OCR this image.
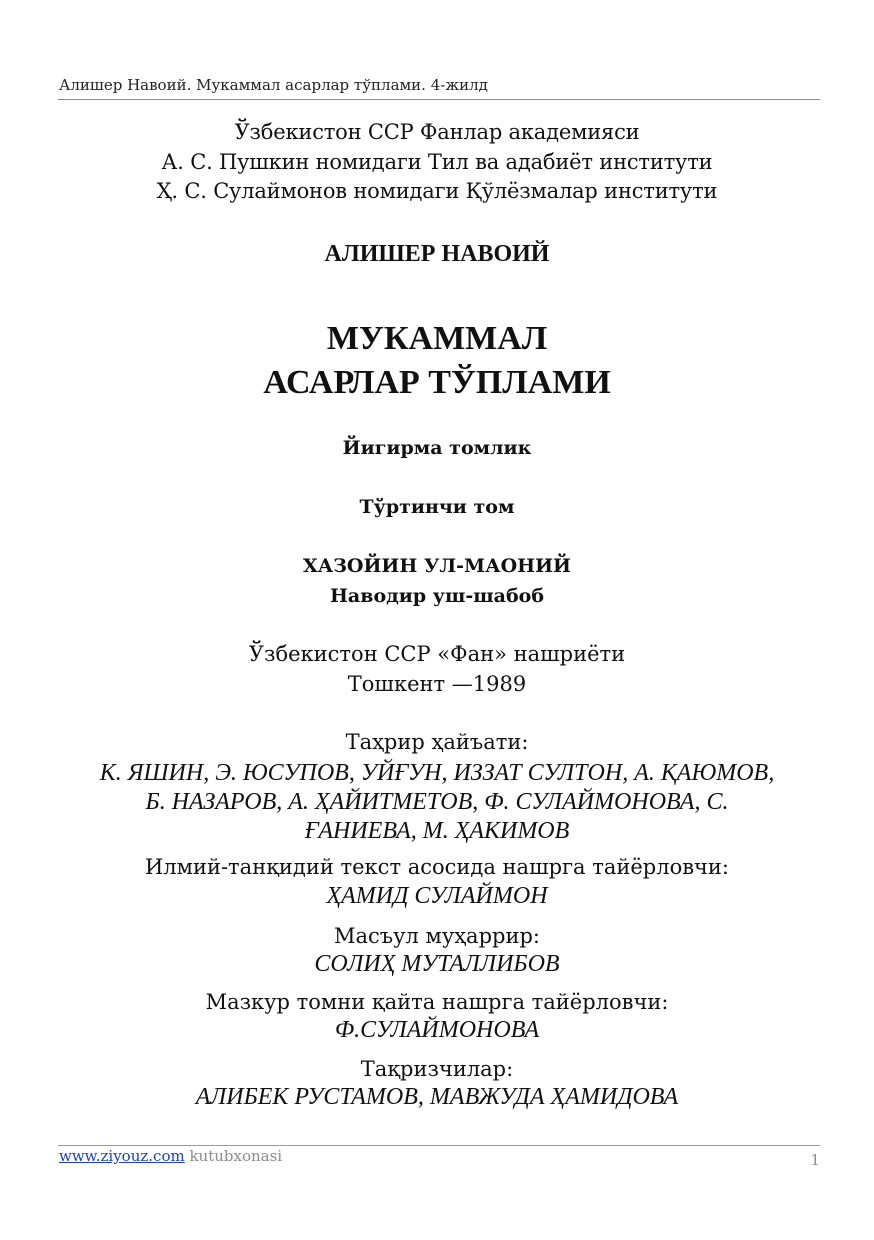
Алишер Навоий. Мукаммал асарлар тўплами. 4-жилд
Ўзбекистон ССР Фанлар академияси
А. С. Пушкин номидаги Тил ва адабиёт институти
Ҳ. С. Сулаймонов номидаги Қўлёзмалар институти
АЛИШЕР НАВОИЙ
МУКАММАЛ
АСАРЛАР ТЎПЛАМИ
Йигирма томлик
Тўртинчи том
ХАЗОЙИН УЛ-МАОНИЙ
Наводир уш-шабоб
Ўзбекистон ССР «Фан» нашриёти
Тошкент —1989
Таҳрир ҳайъати:
К. ЯШИН, Э. ЮСУПОВ, УЙҒУН, ИЗЗАТ СУЛТОН, А. ҚАЮМОВ, Б. НАЗАРОВ, А. ҲАЙИТМЕТОВ, Ф. СУЛАЙМОНОВА, С. ҒАНИЕВА, М. ҲАКИМОВ
Илмий-танқидий текст асосида нашрга тайёрловчи:
ҲАМИД СУЛАЙМОН
Масъул муҳаррир:
СОЛИҲ МУТАЛЛИБОВ
Мазкур томни қайта нашрга тайёрловчи:
Ф.СУЛАЙМОНОВА
Тақризчилар:
АЛИБЕК РУСТАМОВ, МАВЖУДА ҲАМИДОВА
www.ziyouz.com kutubxonasi	1
